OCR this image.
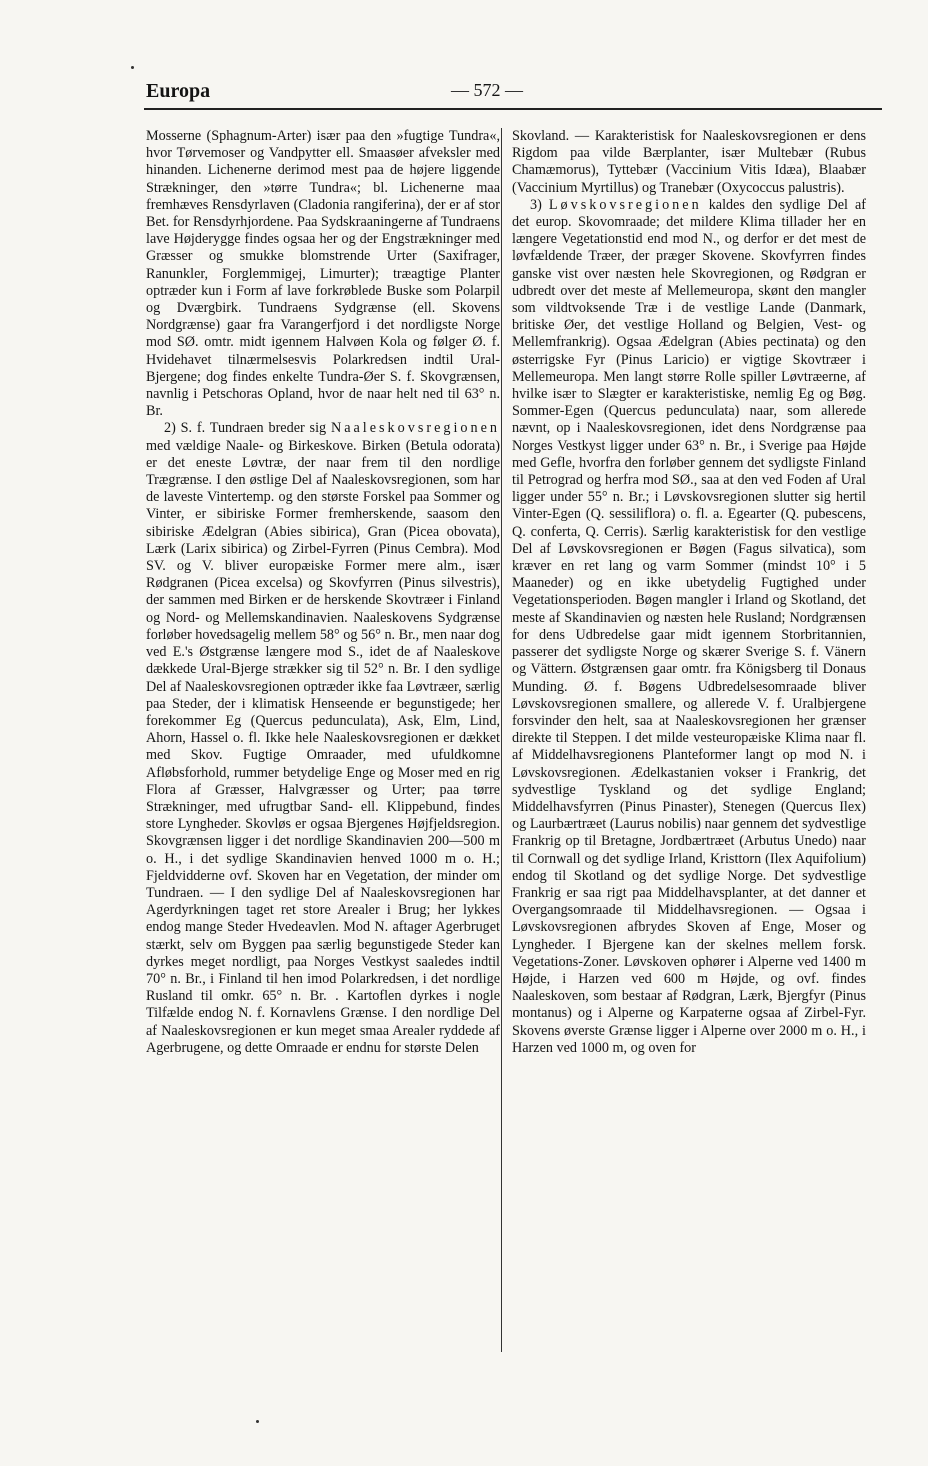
Europa	— 572 —

Mosserne (Sphagnum-Arter) især paa den »fugtige Tundra«, hvor Tørvemoser og Vandpytter ell. Smaasøer afveksler med hinanden. Lichenerne derimod mest paa de højere liggende Strækninger, den »tørre Tundra«; bl. Lichenerne maa fremhæves Rensdyrlaven (Cladonia rangiferina), der er af stor Bet. for Rensdyrhjordene. Paa Sydskraaningerne af Tundraens lave Højderygge findes ogsaa her og der Engstrækninger med Græsser og smukke blomstrende Urter (Saxifrager, Ranunkler, Forglemmigej, Limurter); træagtige Planter optræder kun i Form af lave forkrøblede Buske som Polarpil og Dværgbirk. Tundraens Sydgrænse (ell. Skovens Nordgrænse) gaar fra Varangerfjord i det nordligste Norge mod SØ. omtr. midt igennem Halvøen Kola og følger Ø. f. Hvidehavet tilnærmelsesvis Polarkredsen indtil Ural-Bjergene; dog findes enkelte Tundra-Øer S. f. Skovgrænsen, navnlig i Petschoras Opland, hvor de naar helt ned til 63° n. Br.

2) S. f. Tundraen breder sig Naaleskovsregionen med vældige Naale- og Birkeskove. Birken (Betula odorata) er det eneste Løvtræ, der naar frem til den nordlige Trægrænse. I den østlige Del af Naaleskovsregionen, som har de laveste Vintertemp. og den største Forskel paa Sommer og Vinter, er sibiriske Former fremherskende, saasom den sibiriske Ædelgran (Abies sibirica), Gran (Picea obovata), Lærk (Larix sibirica) og Zirbel-Fyrren (Pinus Cembra). Mod SV. og V. bliver europæiske Former mere alm., især Rødgranen (Picea excelsa) og Skovfyrren (Pinus silvestris), der sammen med Birken er de herskende Skovtræer i Finland og Nord- og Mellemskandinavien. Naaleskovens Sydgrænse forløber hovedsagelig mellem 58° og 56° n. Br., men naar dog ved E.'s Østgrænse længere mod S., idet de af Naaleskove dækkede Ural-Bjerge strækker sig til 52° n. Br. I den sydlige Del af Naaleskovsregionen optræder ikke faa Løvtræer, særlig paa Steder, der i klimatisk Henseende er begunstigede; her forekommer Eg (Quercus pedunculata), Ask, Elm, Lind, Ahorn, Hassel o. fl. Ikke hele Naaleskovsregionen er dækket med Skov. Fugtige Omraader, med ufuldkomne Afløbsforhold, rummer betydelige Enge og Moser med en rig Flora af Græsser, Halvgræsser og Urter; paa tørre Strækninger, med ufrugtbar Sand- ell. Klippebund, findes store Lyngheder. Skovløs er ogsaa Bjergenes Højfjeldsregion. Skovgrænsen ligger i det nordlige Skandinavien 200—500 m o. H., i det sydlige Skandinavien henved 1000 m o. H.; Fjeldvidderne ovf. Skoven har en Vegetation, der minder om Tundraen. — I den sydlige Del af Naaleskovsregionen har Agerdyrkningen taget ret store Arealer i Brug; her lykkes endog mange Steder Hvedeavlen. Mod N. aftager Agerbruget stærkt, selv om Byggen paa særlig begunstigede Steder kan dyrkes meget nordligt, paa Norges Vestkyst saaledes indtil 70° n. Br., i Finland til hen imod Polarkredsen, i det nordlige Rusland til omkr. 65° n. Br. . Kartoflen dyrkes i nogle Tilfælde endog N. f. Kornavlens Grænse. I den nordlige Del af Naaleskovsregionen er kun meget smaa Arealer ryddede af Agerbrugene, og dette Omraade er endnu for største Delen

Skovland. — Karakteristisk for Naaleskovsregionen er dens Rigdom paa vilde Bærplanter, især Multebær (Rubus Chamæmorus), Tyttebær (Vaccinium Vitis Idæa), Blaabær (Vaccinium Myrtillus) og Tranebær (Oxycoccus palustris).

3) Løvskovsregionen kaldes den sydlige Del af det europ. Skovomraade; det mildere Klima tillader her en længere Vegetationstid end mod N., og derfor er det mest de løvfældende Træer, der præger Skovene. Skovfyrren findes ganske vist over næsten hele Skovregionen, og Rødgran er udbredt over det meste af Mellemeuropa, skønt den mangler som vildtvoksende Træ i de vestlige Lande (Danmark, britiske Øer, det vestlige Holland og Belgien, Vest- og Mellemfrankrig). Ogsaa Ædelgran (Abies pectinata) og den østerrigske Fyr (Pinus Laricio) er vigtige Skovtræer i Mellemeuropa. Men langt større Rolle spiller Løvtræerne, af hvilke især to Slægter er karakteristiske, nemlig Eg og Bøg. Sommer-Egen (Quercus pedunculata) naar, som allerede nævnt, op i Naaleskovsregionen, idet dens Nordgrænse paa Norges Vestkyst ligger under 63° n. Br., i Sverige paa Højde med Gefle, hvorfra den forløber gennem det sydligste Finland til Petrograd og herfra mod SØ., saa at den ved Foden af Ural ligger under 55° n. Br.; i Løvskovsregionen slutter sig hertil Vinter-Egen (Q. sessiliflora) o. fl. a. Egearter (Q. pubescens, Q. conferta, Q. Cerris). Særlig karakteristisk for den vestlige Del af Løvskovsregionen er Bøgen (Fagus silvatica), som kræver en ret lang og varm Sommer (mindst 10° i 5 Maaneder) og en ikke ubetydelig Fugtighed under Vegetationsperioden. Bøgen mangler i Irland og Skotland, det meste af Skandinavien og næsten hele Rusland; Nordgrænsen for dens Udbredelse gaar midt igennem Storbritannien, passerer det sydligste Norge og skærer Sverige S. f. Vänern og Vättern. Østgrænsen gaar omtr. fra Königsberg til Donaus Munding. Ø. f. Bøgens Udbredelsesomraade bliver Løvskovsregionen smallere, og allerede V. f. Uralbjergene forsvinder den helt, saa at Naaleskovsregionen her grænser direkte til Steppen. I det milde vesteuropæiske Klima naar fl. af Middelhavsregionens Planteformer langt op mod N. i Løvskovsregionen. Ædelkastanien vokser i Frankrig, det sydvestlige Tyskland og det sydlige England; Middelhavsfyrren (Pinus Pinaster), Stenegen (Quercus Ilex) og Laurbærtræet (Laurus nobilis) naar gennem det sydvestlige Frankrig op til Bretagne, Jordbærtræet (Arbutus Unedo) naar til Cornwall og det sydlige Irland, Kristtorn (Ilex Aquifolium) endog til Skotland og det sydlige Norge. Det sydvestlige Frankrig er saa rigt paa Middelhavsplanter, at det danner et Overgangsomraade til Middelhavsregionen. — Ogsaa i Løvskovsregionen afbrydes Skoven af Enge, Moser og Lyngheder. I Bjergene kan der skelnes mellem forsk. Vegetations-Zoner. Løvskoven ophører i Alperne ved 1400 m Højde, i Harzen ved 600 m Højde, og ovf. findes Naaleskoven, som bestaar af Rødgran, Lærk, Bjergfyr (Pinus montanus) og i Alperne og Karpaterne ogsaa af Zirbel-Fyr. Skovens øverste Grænse ligger i Alperne over 2000 m o. H., i Harzen ved 1000 m, og oven for
